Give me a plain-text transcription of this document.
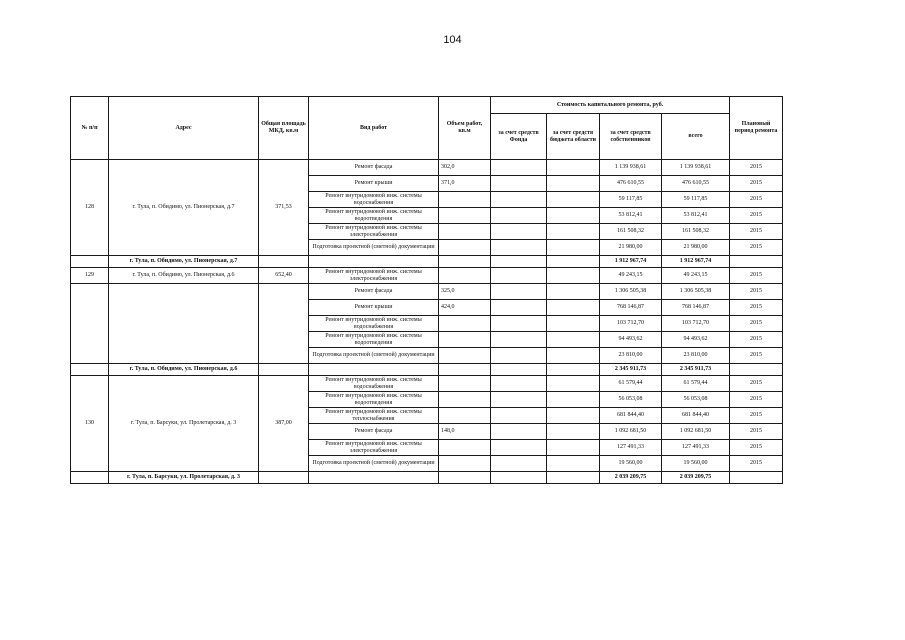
104
№ п/п	Адрес	Общая площадь МКД, кв.м	Вид работ	Объем работ, кв.м	Стоимость капитального ремонта, руб.				Плановый период ремонта
					за счет средств Фонда	за счет средств бюджета области	за счет средств собственников	всего	
128	г. Тула, п. Обидимо, ул. Пионерская, д.7	371,53	Ремонт фасада	302,0			1 139 938,61	1 139 938,61	2015
			Ремонт крыши	371,0			476 610,55	476 610,55	2015
			Ремонт внутридомовой инж. системы водоснабжения				59 117,85	59 117,85	2015
			Ремонт внутридомовой инж. системы водоотведения				53 812,41	53 812,41	2015
			Ремонт внутридомовой инж. системы электроснабжения				161 508,32	161 508,32	2015
			Подготовка проектной (сметной) документации				21 980,00	21 980,00	2015
	г. Тула, п. Обидимо, ул. Пионерская, д.7						1 912 967,74	1 912 967,74	
129	г. Тула, п. Обидимо, ул. Пионерская, д.6	652,40	Ремонт внутридомовой инж. системы электроснабжения				49 243,15	49 243,15	2015
			Ремонт фасада	325,0			1 306 505,38	1 306 505,38	2015
			Ремонт крыши	424,0			768 146,87	768 146,87	2015
			Ремонт внутридомовой инж. системы водоснабжения				103 712,70	103 712,70	2015
			Ремонт внутридомовой инж. системы водоотведения				94 493,62	94 493,62	2015
			Подготовка проектной (сметной) документации				23 810,00	23 810,00	2015
	г. Тула, п. Обидимо, ул. Пионерская, д.6						2 345 911,73	2 345 911,73	
130	г. Тула, п. Барсуки, ул. Пролетарская, д. 3	387,00	Ремонт внутридомовой инж. системы водоснабжения				61 579,44	61 579,44	2015
			Ремонт внутридомовой инж. системы водоотведения				56 053,08	56 053,08	2015
			Ремонт внутридомовой инж. системы теплоснабжения				681 844,40	681 844,40	2015
			Ремонт фасада	148,0			1 092 681,50	1 092 681,50	2015
			Ремонт внутридомовой инж. системы электроснабжения				127 491,33	127 491,33	2015
			Подготовка проектной (сметной) документации				19 560,00	19 560,00	2015
	г. Тула, п. Барсуки, ул. Пролетарская, д. 3						2 039 209,75	2 039 209,75	
